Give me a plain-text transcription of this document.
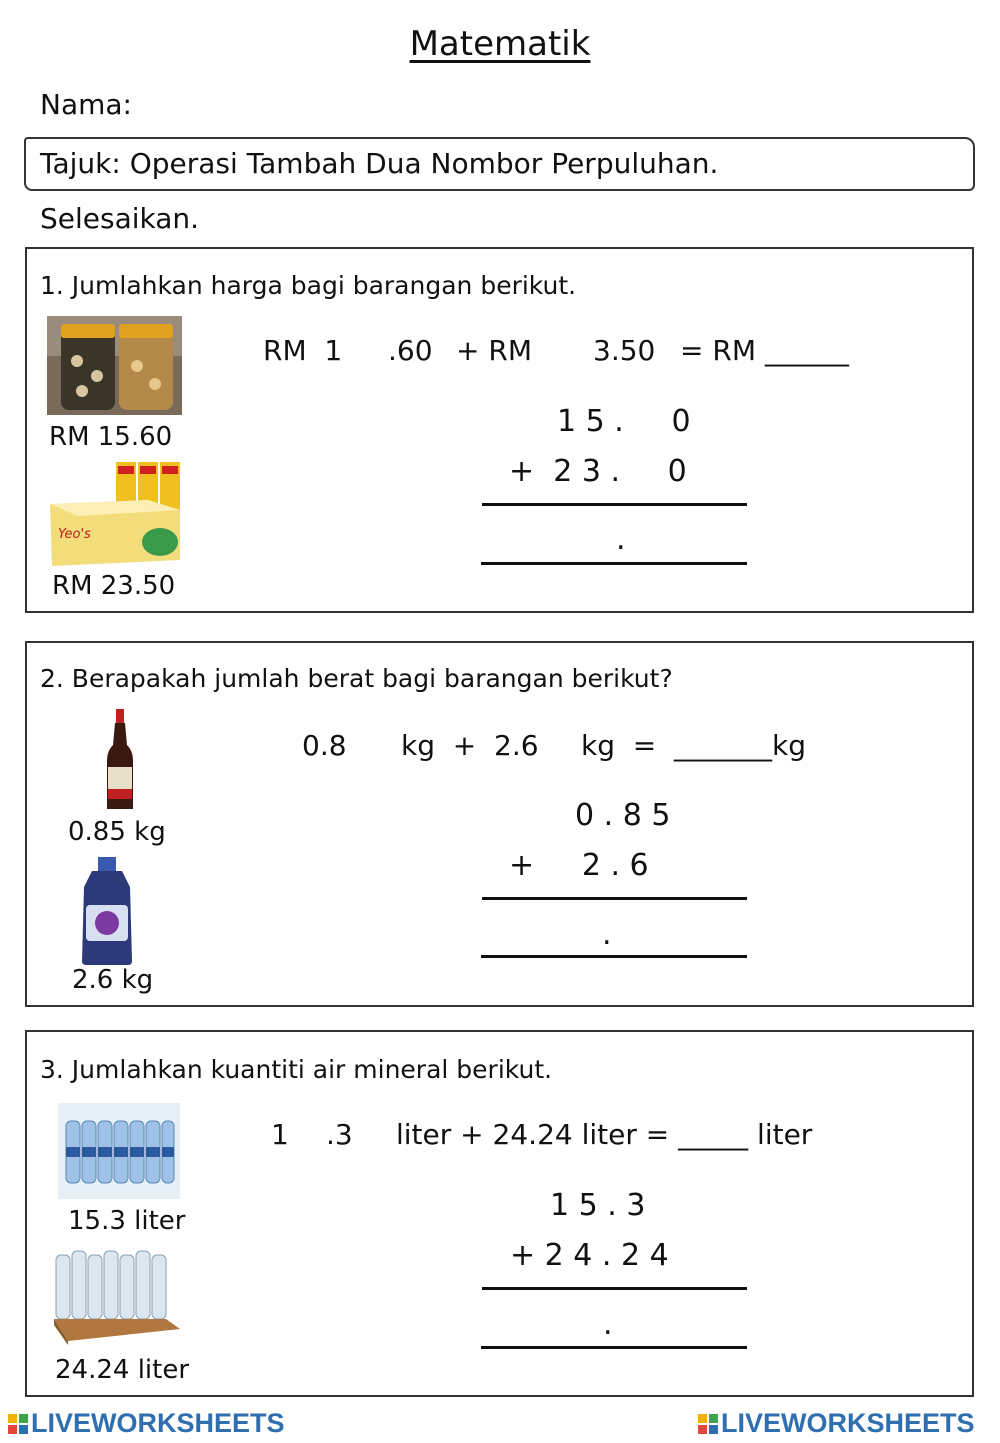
Matematik
Nama:
Tajuk: Operasi Tambah Dua Nombor Perpuluhan.
Selesaikan.
1. Jumlahkan harga bagi barangan berikut.
RM 15.60
Yeo's
RM 23.50
RM  1 .60 + RM 3.50 = RM ______
1 5 .     0
+  2 3 .     0
.
2. Berapakah jumlah berat bagi barangan berikut?
0.85 kg
2.6 kg
0.8 kg  +  2.6 kg  =  _______kg
0 . 8 5
+     2 . 6
.
3. Jumlahkan kuantiti air mineral berikut.
15.3 liter
24.24 liter
1 .3 liter + 24.24 liter = _____ liter
1 5 . 3
+ 2 4 . 2 4
.
LIVEWORKSHEETS	LIVEWORKSHEETS
